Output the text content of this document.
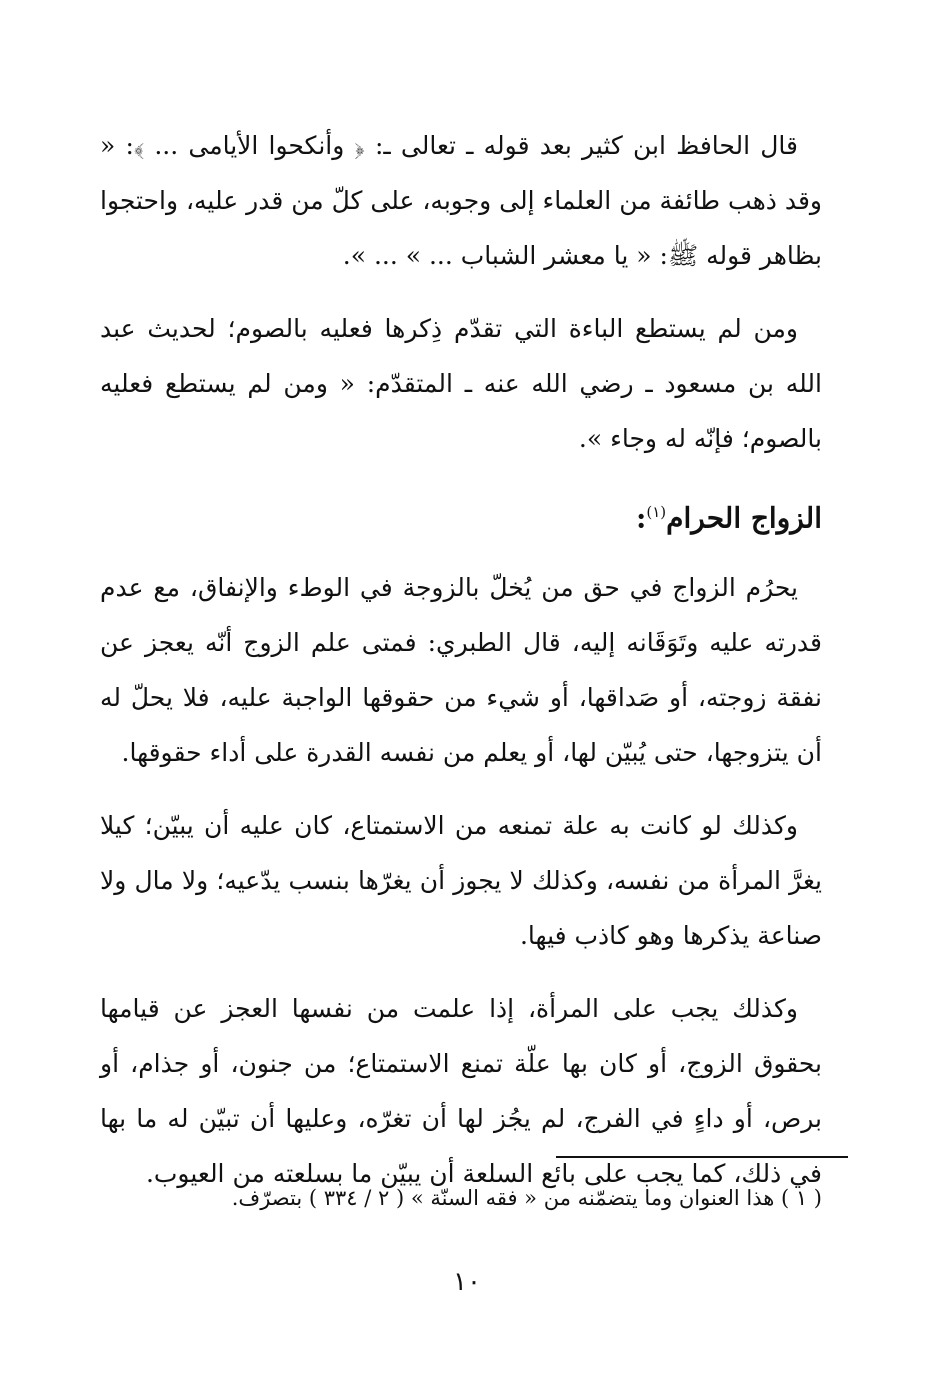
قال الحافظ ابن كثير بعد قوله ـ تعالى ـ: ﴿ وأنكحوا الأيامى ... ﴾: « وقد ذهب طائفة من العلماء إلى وجوبه، على كلّ من قدر عليه، واحتجوا بظاهر قوله ﷺ: « يا معشر الشباب ... » ... ».

ومن لم يستطع الباءة التي تقدّم ذِكرها فعليه بالصوم؛ لحديث عبد الله بن مسعود ـ رضي الله عنه ـ المتقدّم: « ومن لم يستطع فعليه بالصوم؛ فإنّه له وجاء ».

الزواج الحرام$^{(١)}$:

يحرُم الزواج في حق من يُخلّ بالزوجة في الوطء والإنفاق، مع عدم قدرته عليه وتَوَقَانه إليه، قال الطبري: فمتى علم الزوج أنّه يعجز عن نفقة زوجته، أو صَداقها، أو شيء من حقوقها الواجبة عليه، فلا يحلّ له أن يتزوجها، حتى يُبيّن لها، أو يعلم من نفسه القدرة على أداء حقوقها.

وكذلك لو كانت به علة تمنعه من الاستمتاع، كان عليه أن يبيّن؛ كيلا يغرَّ المرأة من نفسه، وكذلك لا يجوز أن يغرّها بنسب يدّعيه؛ ولا مال ولا صناعة يذكرها وهو كاذب فيها.

وكذلك يجب على المرأة، إذا علمت من نفسها العجز عن قيامها بحقوق الزوج، أو كان بها علّة تمنع الاستمتاع؛ من جنون، أو جذام، أو برص، أو داءٍ في الفرج، لم يجُز لها أن تغرّه، وعليها أن تبيّن له ما بها في ذلك، كما يجب على بائع السلعة أن يبيّن ما بسلعته من العيوب.

( ١ ) هذا العنوان وما يتضمّنه من « فقه السنّة » ( ٢ / ٣٣٤ ) بتصرّف.
١٠
